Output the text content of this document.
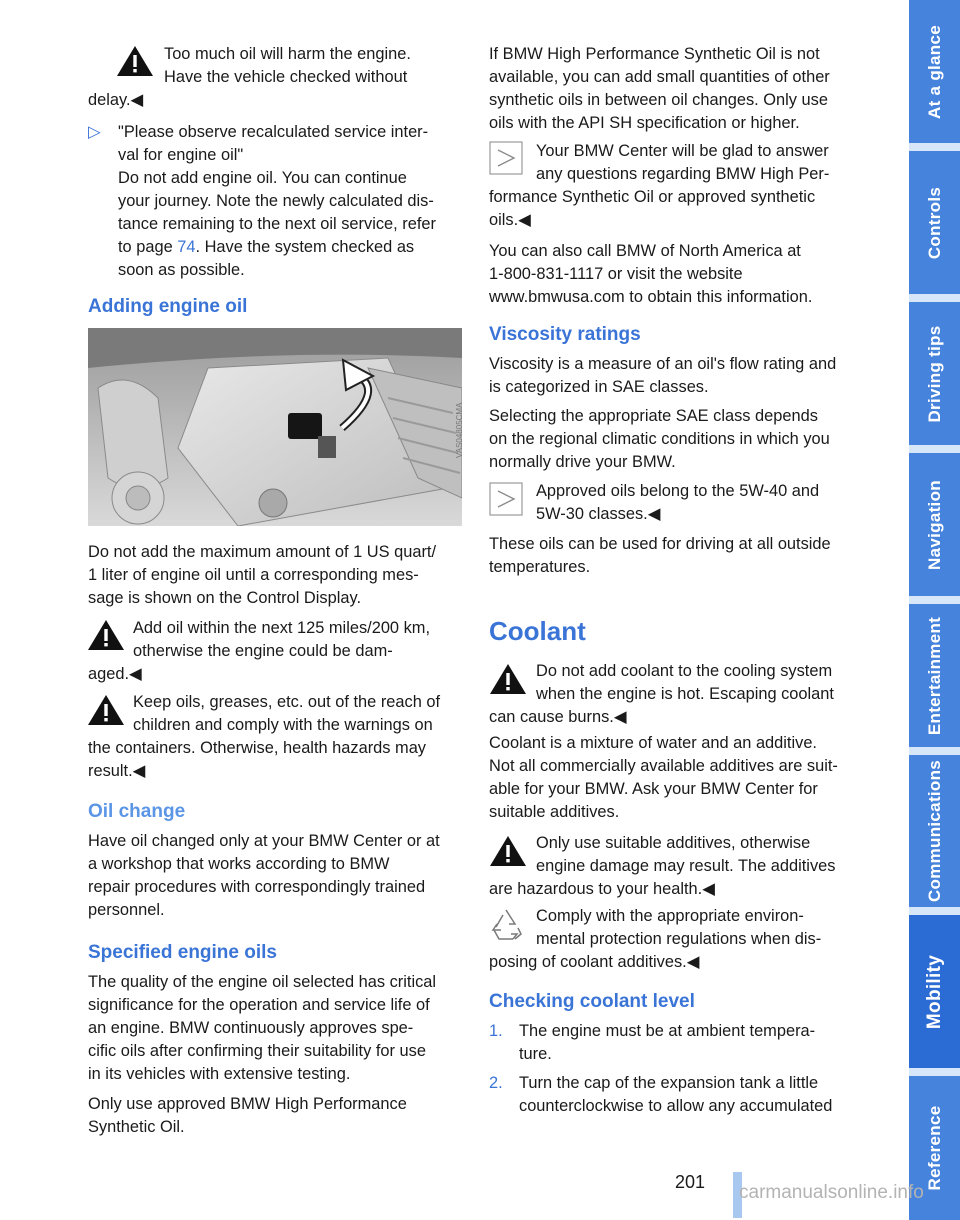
Too much oil will harm the engine.

Have the vehicle checked without

delay.◀

▷ "Please observe recalculated service inter-

val for engine oil"

Do not add engine oil. You can continue

your journey. Note the newly calculated dis-

tance remaining to the next oil service, refer

to page 74. Have the system checked as

soon as possible.

Adding engine oil
VAS04805CMA

Do not add the maximum amount of 1 US quart/

1 liter of engine oil until a corresponding mes-

sage is shown on the Control Display.

Add oil within the next 125 miles/200 km,

otherwise the engine could be dam-

aged.◀

Keep oils, greases, etc. out of the reach of

children and comply with the warnings on

the containers. Otherwise, health hazards may

result.◀

Oil change

Have oil changed only at your BMW Center or at

a workshop that works according to BMW

repair procedures with correspondingly trained

personnel.

Specified engine oils

The quality of the engine oil selected has critical

significance for the operation and service life of

an engine. BMW continuously approves spe-

cific oils after confirming their suitability for use

in its vehicles with extensive testing.

Only use approved BMW High Performance

Synthetic Oil.

If BMW High Performance Synthetic Oil is not

available, you can add small quantities of other

synthetic oils in between oil changes. Only use

oils with the API SH specification or higher.

Your BMW Center will be glad to answer

any questions regarding BMW High Per-

formance Synthetic Oil or approved synthetic

oils.◀

You can also call BMW of North America at

1-800-831-1117 or visit the website

www.bmwusa.com to obtain this information.

Viscosity ratings

Viscosity is a measure of an oil's flow rating and

is categorized in SAE classes.

Selecting the appropriate SAE class depends

on the regional climatic conditions in which you

normally drive your BMW.

Approved oils belong to the 5W-40 and

5W-30 classes.◀

These oils can be used for driving at all outside

temperatures.

Coolant

Do not add coolant to the cooling system

when the engine is hot. Escaping coolant

can cause burns.◀

Coolant is a mixture of water and an additive.

Not all commercially available additives are suit-

able for your BMW. Ask your BMW Center for

suitable additives.

Only use suitable additives, otherwise

engine damage may result. The additives

are hazardous to your health.◀

Comply with the appropriate environ-

mental protection regulations when dis-

posing of coolant additives.◀

Checking coolant level

1. The engine must be at ambient tempera-

ture.

2. Turn the cap of the expansion tank a little

counterclockwise to allow any accumulated

At a glance
Controls
Driving tips
Navigation
Entertainment
Communications
Mobility
Reference
201 carmanualsonline.info
